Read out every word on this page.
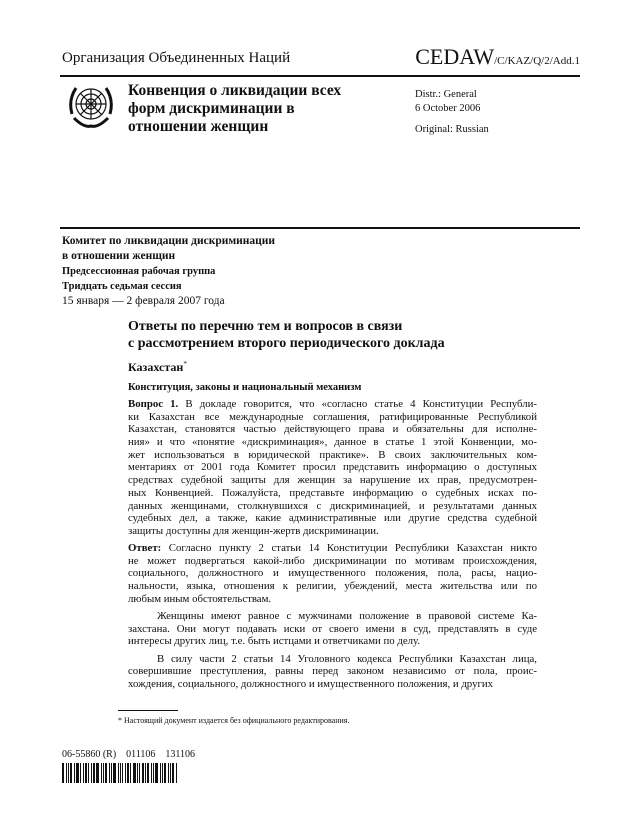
Организация Объединенных Наций	CEDAW/C/KAZ/Q/2/Add.1
Конвенция о ликвидации всех
форм дискриминации в
отношении женщин
Distr.: General
6 October 2006
Original: Russian
Комитет по ликвидации дискриминации
в отношении женщин
Предсессионная рабочая группа
Тридцать седьмая сессия
15 января — 2 февраля 2007 года
Ответы по перечню тем и вопросов в связи
с рассмотрением второго периодического доклада
Казахстан*
Конституция, законы и национальный механизм
Вопрос 1. В докладе говорится, что «согласно статье 4 Конституции Республи-
ки Казахстан все международные соглашения, ратифицированные Республикой
Казахстан, становятся частью действующего права и обязательны для исполне-
ния» и что «понятие «дискриминация», данное в статье 1 этой Конвенции, мо-
жет использоваться в юридической практике». В своих заключительных ком-
ментариях от 2001 года Комитет просил представить информацию о доступных
средствах судебной защиты для женщин за нарушение их прав, предусмотрен-
ных Конвенцией. Пожалуйста, представьте информацию о судебных исках по-
данных женщинами, столкнувшихся с дискриминацией, и результатами данных
судебных дел, а также, какие административные или другие средства судебной
защиты доступны для женщин-жертв дискриминации.
Ответ: Согласно пункту 2 статьи 14 Конституции Республики Казахстан никто
не может подвергаться какой-либо дискриминации по мотивам происхождения,
социального, должностного и имущественного положения, пола, расы, нацио-
нальности, языка, отношения к религии, убеждений, места жительства или по
любым иным обстоятельствам.
Женщины имеют равное с мужчинами положение в правовой системе Ка-
захстана. Они могут подавать иски от своего имени в суд, представлять в суде
интересы других лиц, т.е. быть истцами и ответчиками по делу.
В силу части 2 статьи 14 Уголовного кодекса Республики Казахстан лица,
совершившие преступления, равны перед законом независимо от пола, проис-
хождения, социального, должностного и имущественного положения, и других
* Настоящий документ издается без официального редактирования.
06-55860 (R)    011106    131106
